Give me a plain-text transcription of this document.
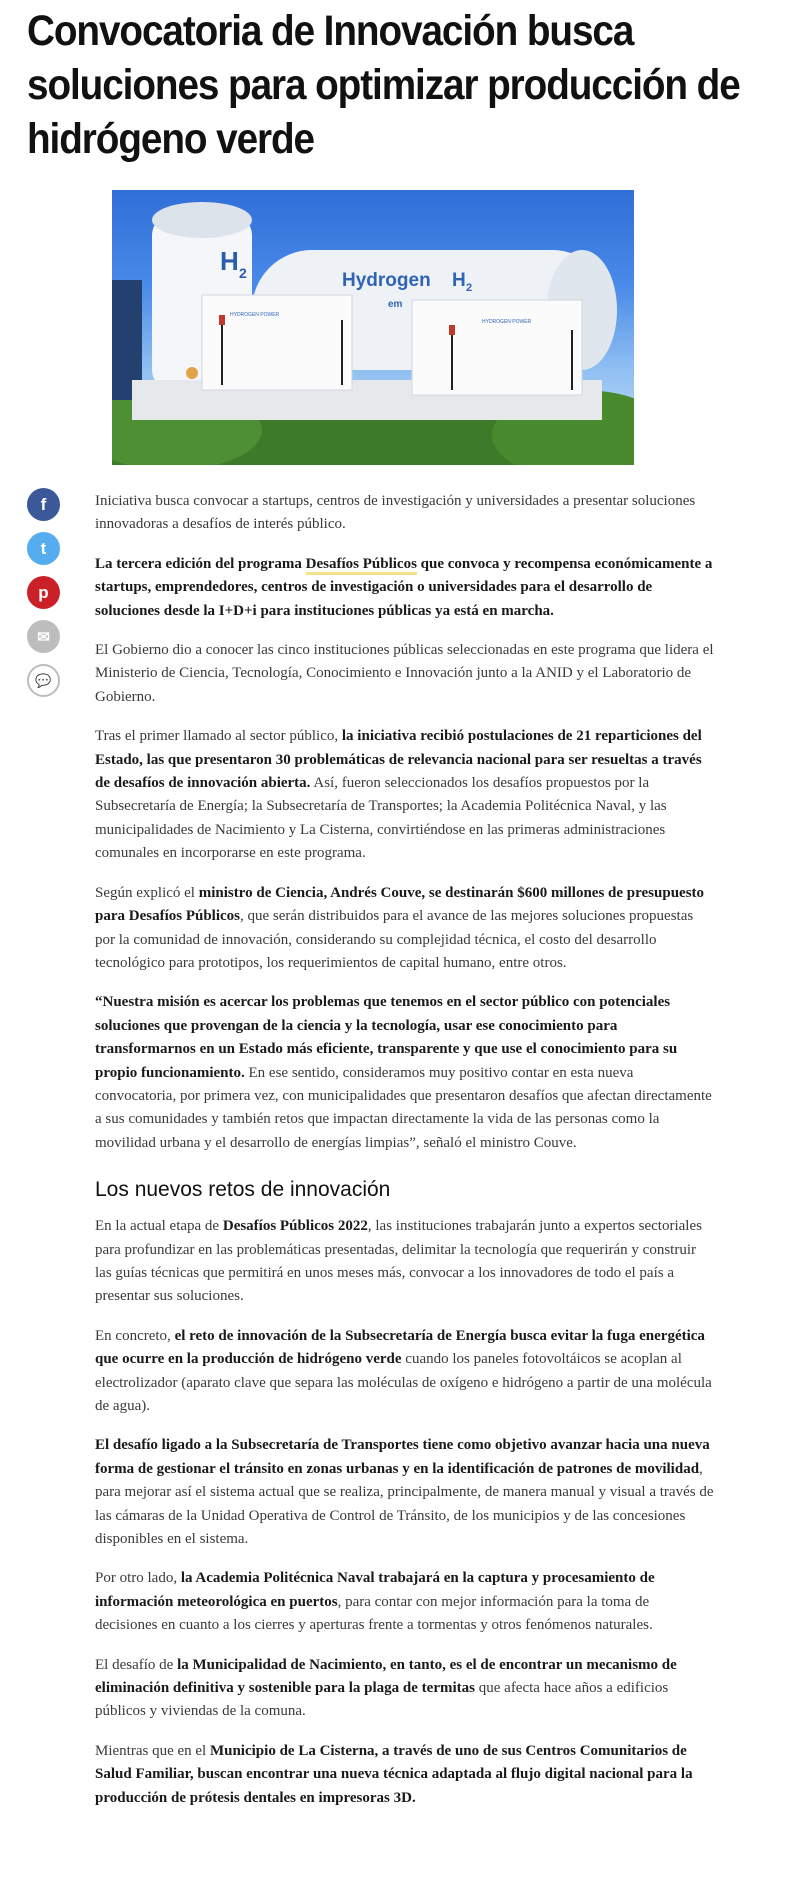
Convocatoria de Innovación busca
soluciones para optimizar producción de
hidrógeno verde
H 2	Hydrogen H 2
em
HYDROGEN POWER
HYDROGEN POWER
f
t
p
✉
💬

Iniciativa busca convocar a startups, centros de investigación y universidades a presentar soluciones innovadoras a desafíos de interés público.

La tercera edición del programa Desafíos Públicos que convoca y recompensa económicamente a startups, emprendedores, centros de investigación o universidades para el desarrollo de soluciones desde la I+D+i para instituciones públicas ya está en marcha.

El Gobierno dio a conocer las cinco instituciones públicas seleccionadas en este programa que lidera el Ministerio de Ciencia, Tecnología, Conocimiento e Innovación junto a la ANID y el Laboratorio de Gobierno.

Tras el primer llamado al sector público, la iniciativa recibió postulaciones de 21 reparticiones del Estado, las que presentaron 30 problemáticas de relevancia nacional para ser resueltas a través de desafíos de innovación abierta. Así, fueron seleccionados los desafíos propuestos por la Subsecretaría de Energía; la Subsecretaría de Transportes; la Academia Politécnica Naval, y las municipalidades de Nacimiento y La Cisterna, convirtiéndose en las primeras administraciones comunales en incorporarse en este programa.

Según explicó el ministro de Ciencia, Andrés Couve, se destinarán $600 millones de presupuesto para Desafíos Públicos, que serán distribuidos para el avance de las mejores soluciones propuestas por la comunidad de innovación, considerando su complejidad técnica, el costo del desarrollo tecnológico para prototipos, los requerimientos de capital humano, entre otros.

“Nuestra misión es acercar los problemas que tenemos en el sector público con potenciales soluciones que provengan de la ciencia y la tecnología, usar ese conocimiento para transformarnos en un Estado más eficiente, transparente y que use el conocimiento para su propio funcionamiento. En ese sentido, consideramos muy positivo contar en esta nueva convocatoria, por primera vez, con municipalidades que presentaron desafíos que afectan directamente a sus comunidades y también retos que impactan directamente la vida de las personas como la movilidad urbana y el desarrollo de energías limpias”, señaló el ministro Couve.

Los nuevos retos de innovación

En la actual etapa de Desafíos Públicos 2022, las instituciones trabajarán junto a expertos sectoriales para profundizar en las problemáticas presentadas, delimitar la tecnología que requerirán y construir las guías técnicas que permitirá en unos meses más, convocar a los innovadores de todo el país a presentar sus soluciones.

En concreto, el reto de innovación de la Subsecretaría de Energía busca evitar la fuga energética que ocurre en la producción de hidrógeno verde cuando los paneles fotovoltáicos se acoplan al electrolizador (aparato clave que separa las moléculas de oxígeno e hidrógeno a partir de una molécula de agua).

El desafío ligado a la Subsecretaría de Transportes tiene como objetivo avanzar hacia una nueva forma de gestionar el tránsito en zonas urbanas y en la identificación de patrones de movilidad, para mejorar así el sistema actual que se realiza, principalmente, de manera manual y visual a través de las cámaras de la Unidad Operativa de Control de Tránsito, de los municipios y de las concesiones disponibles en el sistema.

Por otro lado, la Academia Politécnica Naval trabajará en la captura y procesamiento de información meteorológica en puertos, para contar con mejor información para la toma de decisiones en cuanto a los cierres y aperturas frente a tormentas y otros fenómenos naturales.

El desafío de la Municipalidad de Nacimiento, en tanto, es el de encontrar un mecanismo de eliminación definitiva y sostenible para la plaga de termitas que afecta hace años a edificios públicos y viviendas de la comuna.

Mientras que en el Municipio de La Cisterna, a través de uno de sus Centros Comunitarios de Salud Familiar, buscan encontrar una nueva técnica adaptada al flujo digital nacional para la producción de prótesis dentales en impresoras 3D.
